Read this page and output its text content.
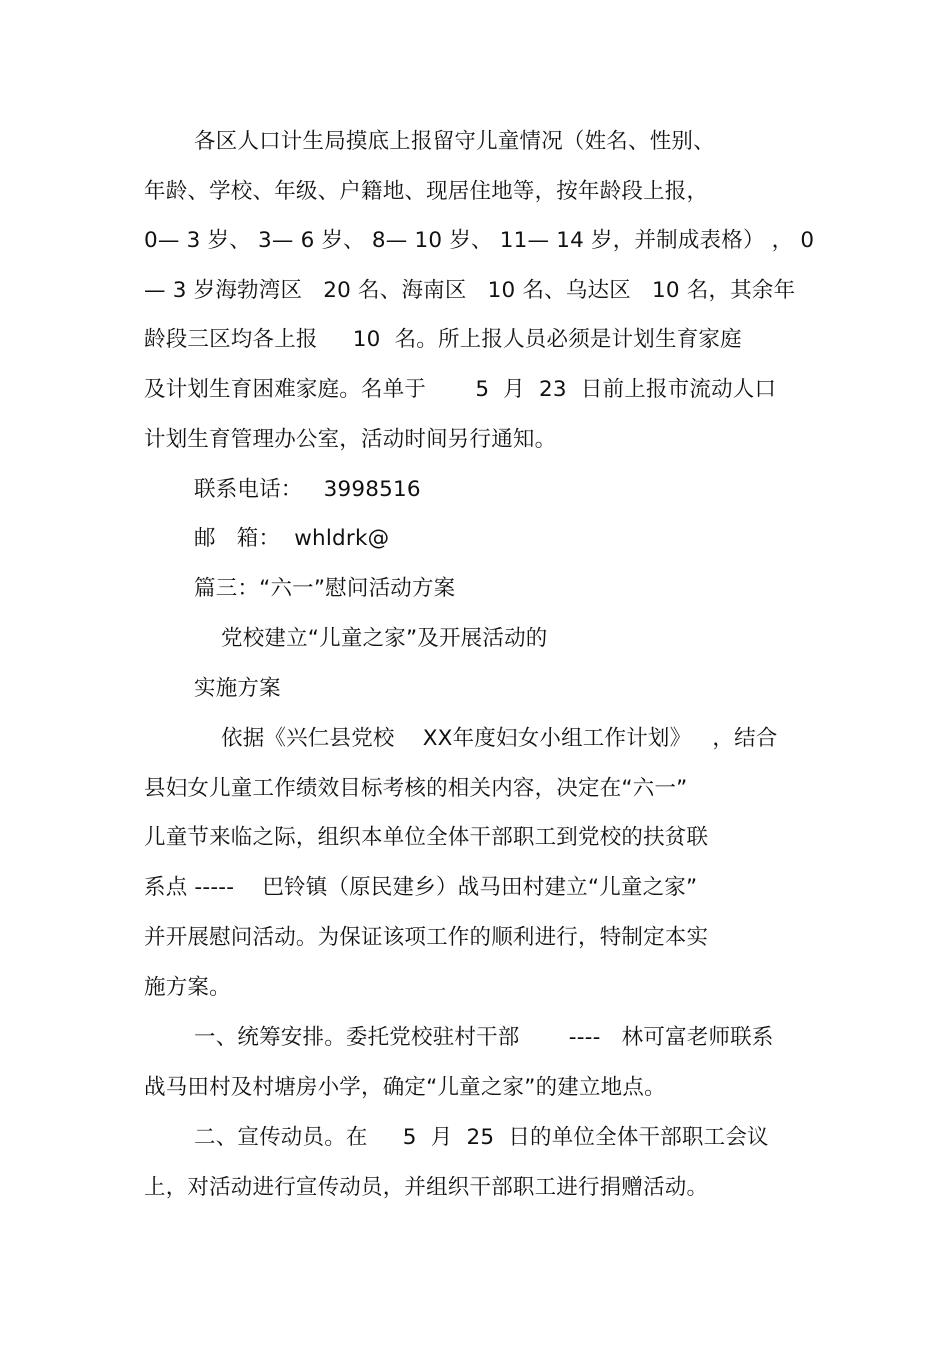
各区人口计生局摸底上报留守儿童情况（姓名、性别、
年龄、学校、年级、户籍地、现居住地等，按年龄段上报，
0— 3 岁、 3— 6 岁、 8— 10 岁、 11— 14 岁，并制成表格） ， 0
— 3 岁海勃湾区   20 名、海南区   10 名、乌达区   10 名，其余年
龄段三区均各上报     10  名。所上报人员必须是计划生育家庭
及计划生育困难家庭。名单于       5  月  23  日前上报市流动人口
计划生育管理办公室，活动时间另行通知。
联系电话：   3998516
邮   箱：  whldrk@
篇三：“六一”慰问活动方案
党校建立“儿童之家”及开展活动的
实施方案
依据《兴仁县党校    XX年度妇女小组工作计划》   ，结合
县妇女儿童工作绩效目标考核的相关内容，决定在“六一”
儿童节来临之际，组织本单位全体干部职工到党校的扶贫联
系点 -----    巴铃镇（原民建乡）战马田村建立“儿童之家”
并开展慰问活动。为保证该项工作的顺利进行，特制定本实
施方案。
一、统筹安排。委托党校驻村干部       ----   林可富老师联系
战马田村及村塘房小学，确定“儿童之家”的建立地点。
二、宣传动员。在     5  月  25  日的单位全体干部职工会议
上，对活动进行宣传动员，并组织干部职工进行捐赠活动。
